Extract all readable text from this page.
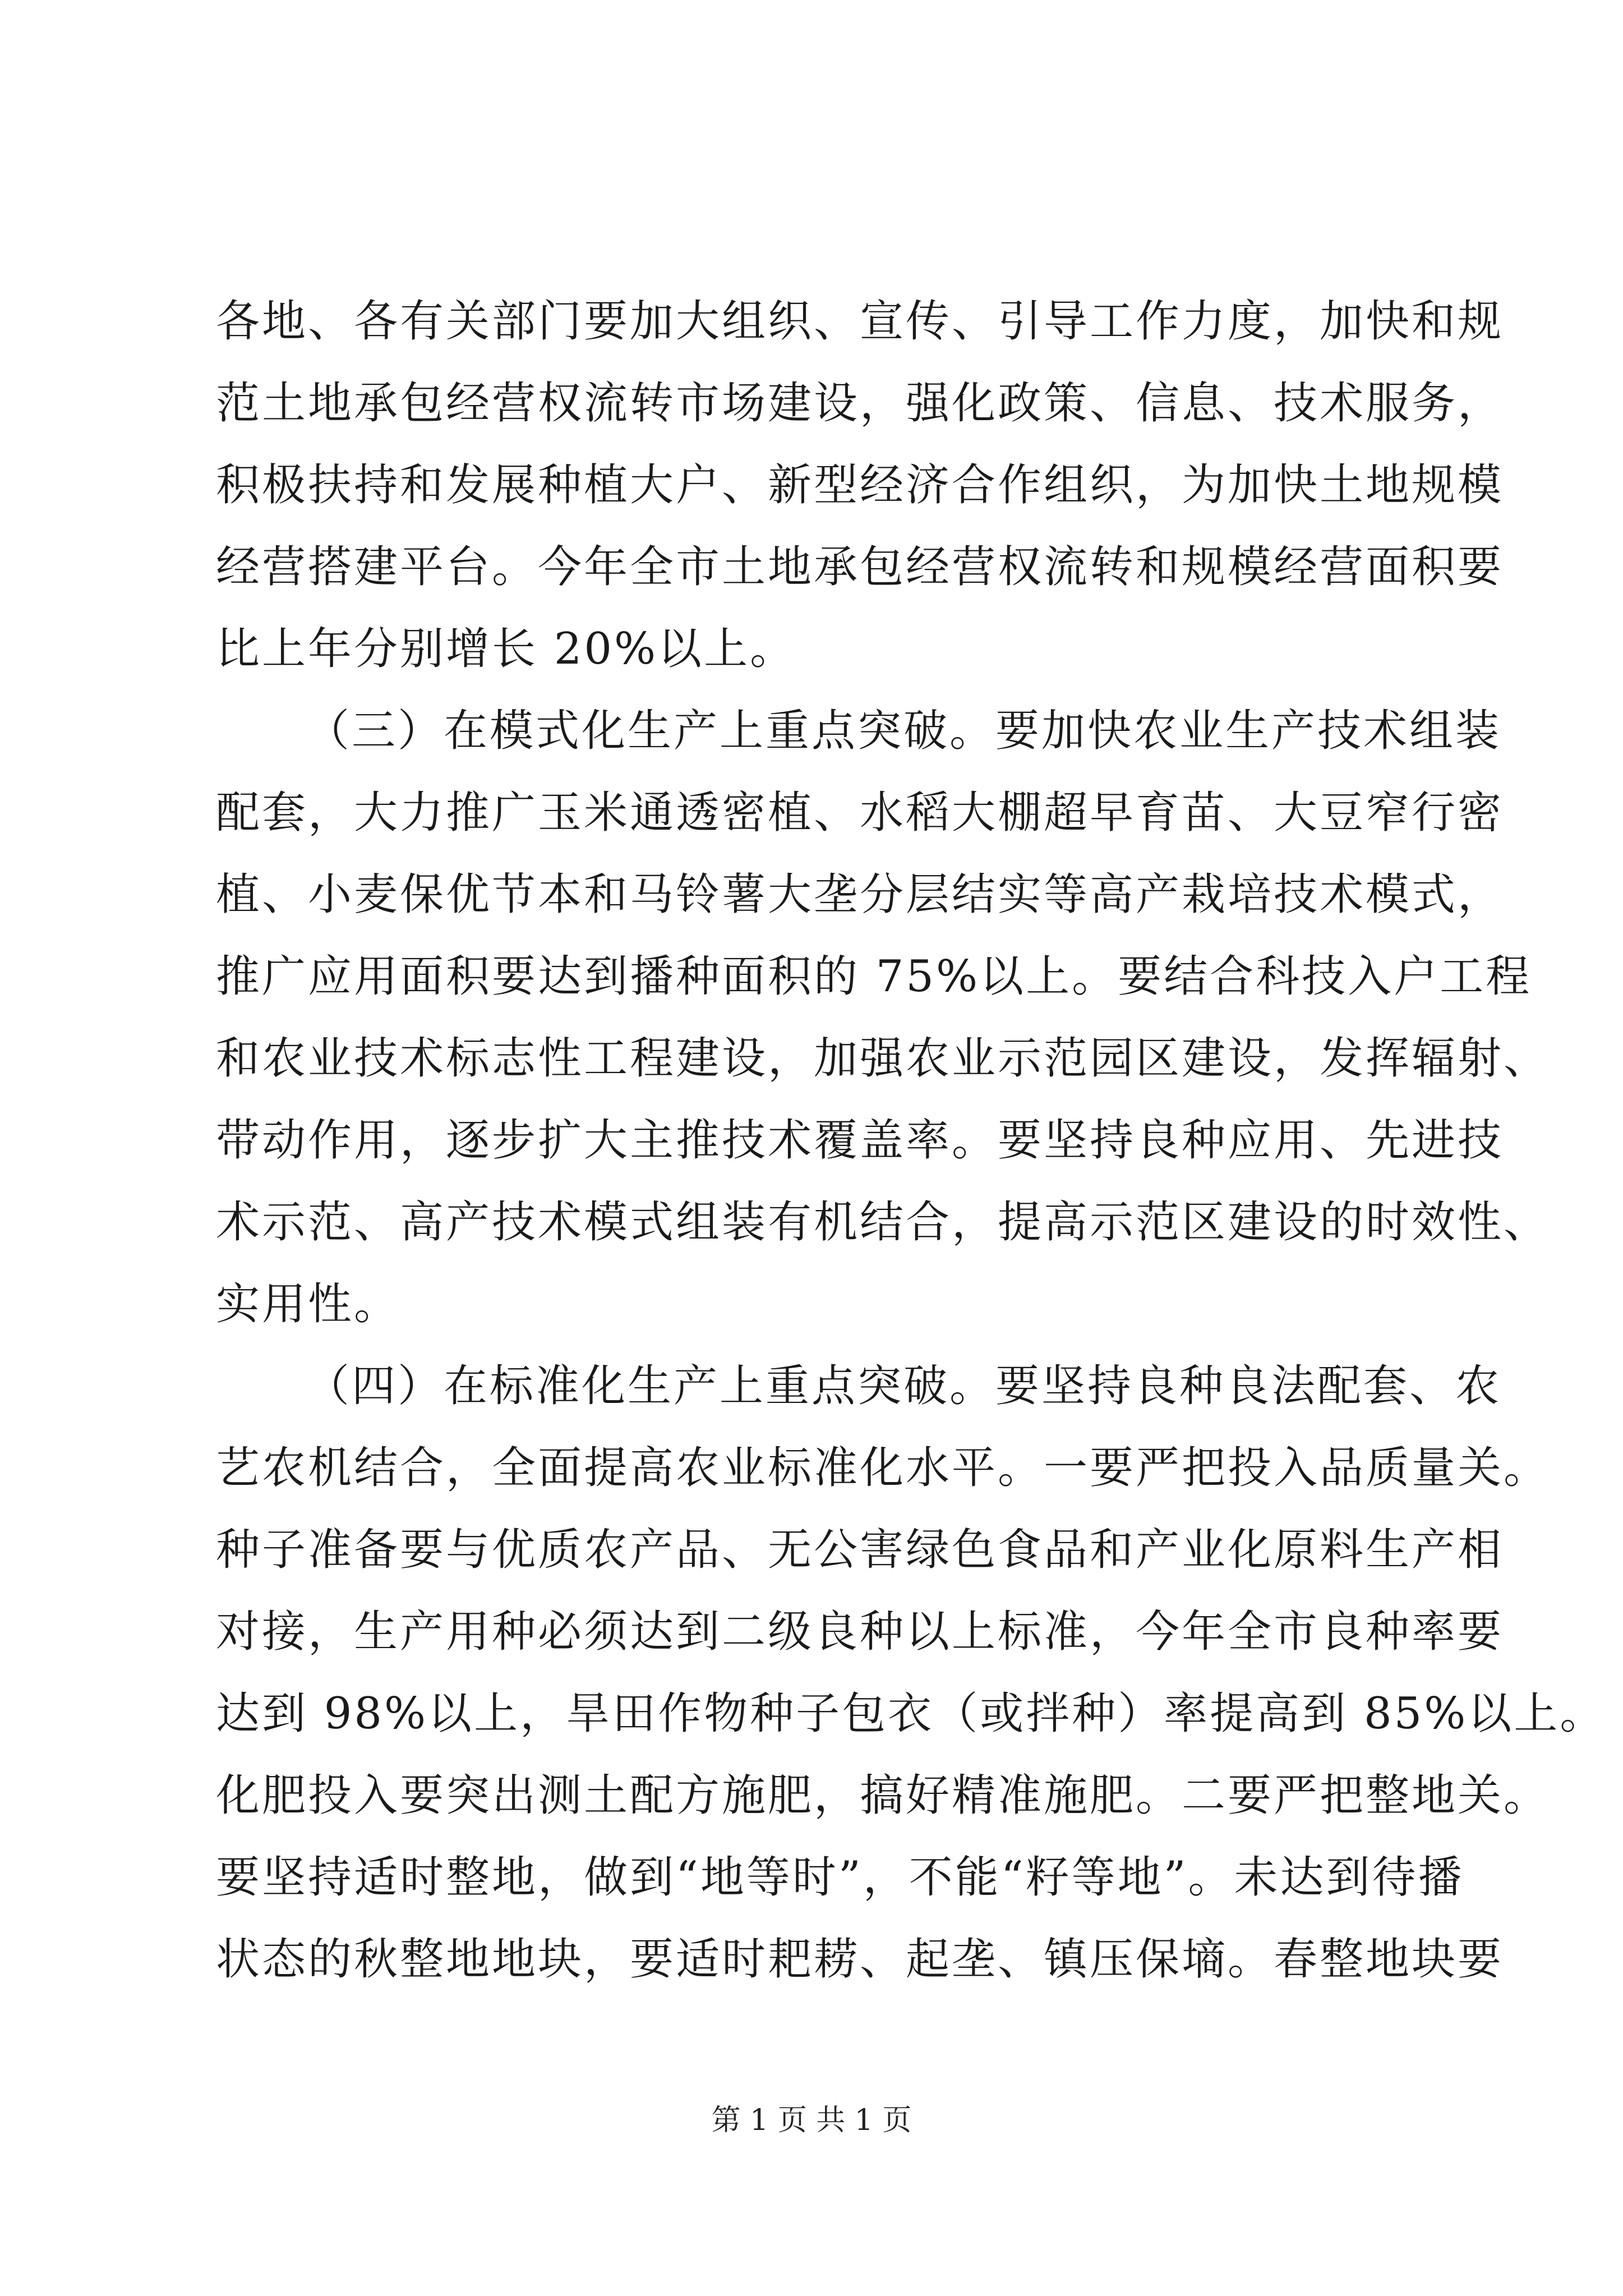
各地、各有关部门要加大组织、宣传、引导工作力度，加快和规
范土地承包经营权流转市场建设，强化政策、信息、技术服务，
积极扶持和发展种植大户、新型经济合作组织，为加快土地规模
经营搭建平台。今年全市土地承包经营权流转和规模经营面积要
比上年分别增长 20%以上。
（三）在模式化生产上重点突破。要加快农业生产技术组装
配套，大力推广玉米通透密植、水稻大棚超早育苗、大豆窄行密
植、小麦保优节本和马铃薯大垄分层结实等高产栽培技术模式，
推广应用面积要达到播种面积的 75%以上。要结合科技入户工程
和农业技术标志性工程建设，加强农业示范园区建设，发挥辐射、
带动作用，逐步扩大主推技术覆盖率。要坚持良种应用、先进技
术示范、高产技术模式组装有机结合，提高示范区建设的时效性、
实用性。
（四）在标准化生产上重点突破。要坚持良种良法配套、农
艺农机结合，全面提高农业标准化水平。一要严把投入品质量关。
种子准备要与优质农产品、无公害绿色食品和产业化原料生产相
对接，生产用种必须达到二级良种以上标准，今年全市良种率要
达到 98%以上，旱田作物种子包衣（或拌种）率提高到 85%以上。
化肥投入要突出测土配方施肥，搞好精准施肥。二要严把整地关。
要坚持适时整地，做到“地等时”，不能“籽等地”。未达到待播
状态的秋整地地块，要适时耙耢、起垄、镇压保墒。春整地块要
第 1 页 共 1 页
